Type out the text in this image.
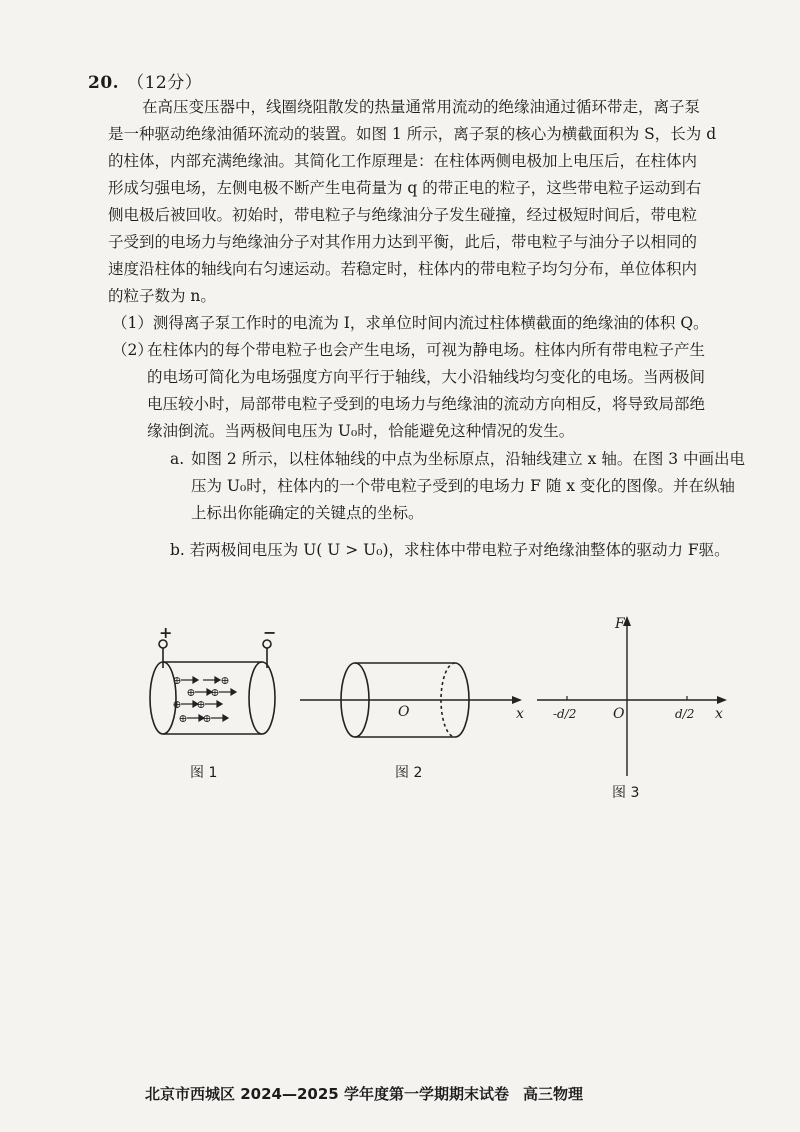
20. （12分）
在高压变压器中，线圈绕阻散发的热量通常用流动的绝缘油通过循环带走，离子泵
是一种驱动绝缘油循环流动的装置。如图 1 所示，离子泵的核心为横截面积为 S，长为 d
的柱体，内部充满绝缘油。其简化工作原理是：在柱体两侧电极加上电压后，在柱体内
形成匀强电场，左侧电极不断产生电荷量为 q 的带正电的粒子，这些带电粒子运动到右
侧电极后被回收。初始时，带电粒子与绝缘油分子发生碰撞，经过极短时间后，带电粒
子受到的电场力与绝缘油分子对其作用力达到平衡，此后，带电粒子与油分子以相同的
速度沿柱体的轴线向右匀速运动。若稳定时，柱体内的带电粒子均匀分布，单位体积内
的粒子数为 n。
（1）测得离子泵工作时的电流为 I，求单位时间内流过柱体横截面的绝缘油的体积 Q。
（2）
在柱体内的每个带电粒子也会产生电场，可视为静电场。柱体内所有带电粒子产生
的电场可简化为电场强度方向平行于轴线，大小沿轴线均匀变化的电场。当两极间
电压较小时，局部带电粒子受到的电场力与绝缘油的流动方向相反，将导致局部绝
缘油倒流。当两极间电压为 U₀时，恰能避免这种情况的发生。
a. 如图 2 所示，以柱体轴线的中点为坐标原点，沿轴线建立 x 轴。在图 3 中画出电
压为 U₀时，柱体内的一个带电粒子受到的电场力 F 随 x 变化的图像。并在纵轴
上标出你能确定的关键点的坐标。
b. 若两极间电压为 U( U > U₀)，求柱体中带电粒子对绝缘油整体的驱动力 F驱。
⊕	⊕
⊕ ⊕
⊕ ⊕
⊕ ⊕
+	−
图 1
O	x
图 2
F
x
O
-d/2	d/2
图 3
北京市西城区 2024—2025 学年度第一学期期末试卷 高三物理
